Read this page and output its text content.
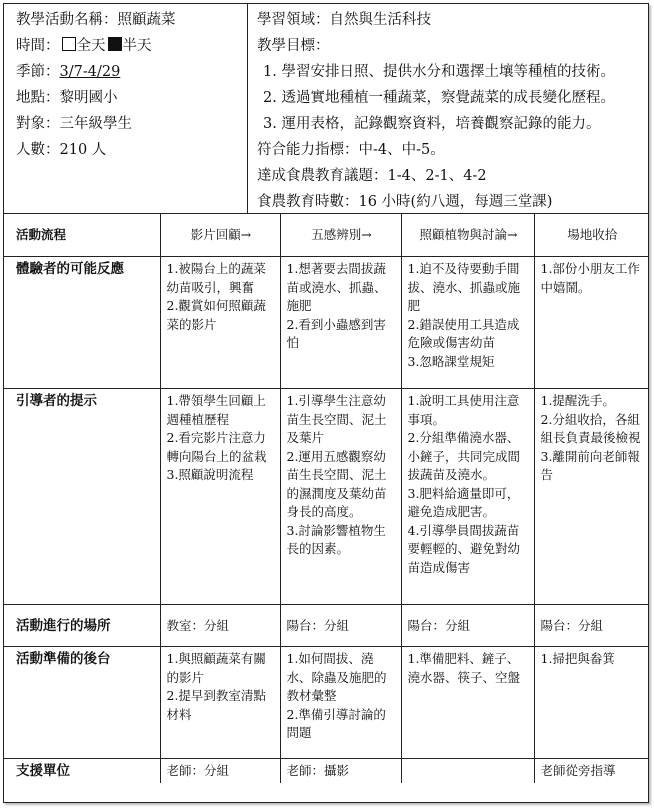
教學活動名稱：照顧蔬菜
時間： 全天 半天
季節：3/7-4/29
地點：黎明國小
對象：三年級學生
人數：210 人
學習領域：自然與生活科技
教學目標：
1. 學習安排日照、提供水分和選擇土壤等種植的技術。
2. 透過實地種植一種蔬菜，察覺蔬菜的成長變化歷程。
3. 運用表格，記錄觀察資料，培養觀察記錄的能力。
符合能力指標：中-4、中-5。
達成食農教育議題：1-4、2-1、4-2
食農教育時數：16 小時(約八週，每週三堂課)
活動流程	影片回顧→	五感辨別→	照顧植物與討論→	場地收拾
體驗者的可能反應	1.被陽台上的蔬菜幼苗吸引，興奮
2.觀賞如何照顧蔬菜的影片	1.想著要去間拔蔬苗或澆水、抓蟲、施肥
2.看到小蟲感到害怕	1.迫不及待要動手間拔、澆水、抓蟲或施肥
2.錯誤使用工具造成危險或傷害幼苗
3.忽略課堂規矩	1.部份小朋友工作中嬉鬧。

引導者的提示	1.帶領學生回顧上週種植歷程
2.看完影片注意力轉向陽台上的盆栽
3.照顧說明流程	1.引導學生注意幼苗生長空間、泥土及葉片
2.運用五感觀察幼苗生長空間、泥土的濕潤度及葉幼苗身長的高度。
3.討論影響植物生長的因素。	1.說明工具使用注意事項。
2.分組準備澆水器、小鏟子，共同完成間拔蔬苗及澆水。
3.肥料給適量即可，避免造成肥害。
4.引導學員間拔蔬苗要輕輕的、避免對幼苗造成傷害	1.提醒洗手。
2.分組收拾，各組組長負責最後檢視
3.離開前向老師報告

活動進行的場所	教室：分組	陽台：分組	陽台：分組	陽台：分組

活動準備的後台	1.與照顧蔬菜有關的影片
2.提早到教室清點材料	1.如何間拔、澆水、除蟲及施肥的教材彙整
2.準備引導討論的問題	1.準備肥料、鏟子、澆水器、筷子、空盤	1.掃把與畚箕

支援單位	老師：分組	老師：攝影		老師從旁指導
